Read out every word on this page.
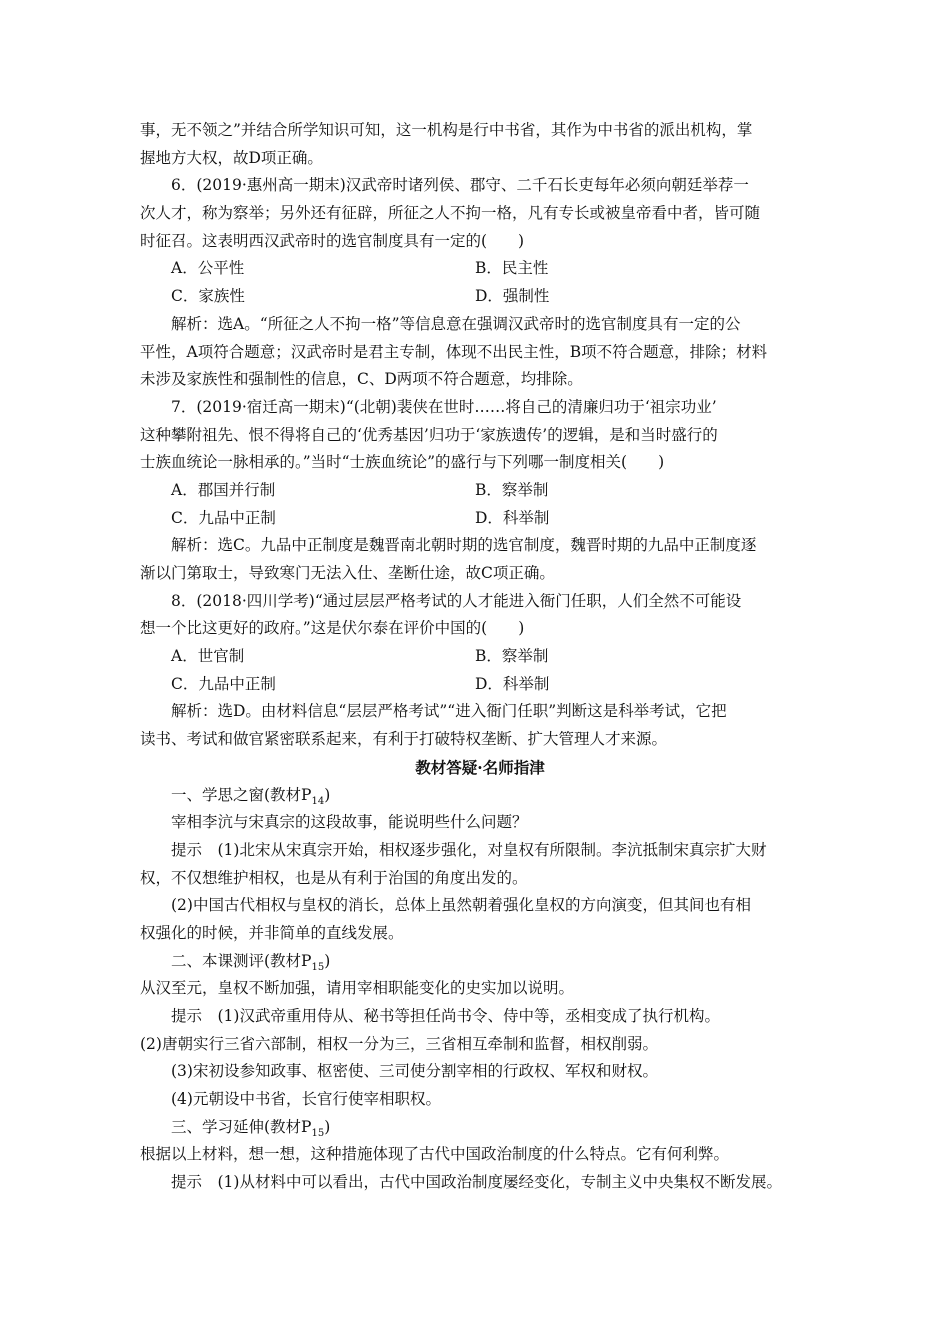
事，无不领之”并结合所学知识可知，这一机构是行中书省，其作为中书省的派出机构，掌
握地方大权，故D项正确。
6．(2019·惠州高一期末)汉武帝时诸列侯、郡守、二千石长吏每年必须向朝廷举荐一
次人才，称为察举；另外还有征辟，所征之人不拘一格，凡有专长或被皇帝看中者，皆可随
时征召。这表明西汉武帝时的选官制度具有一定的(　　)
A．公平性	B．民主性
C．家族性	D．强制性
解析：选A。“所征之人不拘一格”等信息意在强调汉武帝时的选官制度具有一定的公
平性，A项符合题意；汉武帝时是君主专制，体现不出民主性，B项不符合题意，排除；材料
未涉及家族性和强制性的信息，C、D两项不符合题意，均排除。
7．(2019·宿迁高一期末)“(北朝)裴侠在世时……将自己的清廉归功于‘祖宗功业’
这种攀附祖先、恨不得将自己的‘优秀基因’归功于‘家族遗传’的逻辑，是和当时盛行的
士族血统论一脉相承的。”当时“士族血统论”的盛行与下列哪一制度相关(　　)
A．郡国并行制	B．察举制
C．九品中正制	D．科举制
解析：选C。九品中正制度是魏晋南北朝时期的选官制度，魏晋时期的九品中正制度逐
渐以门第取士，导致寒门无法入仕、垄断仕途，故C项正确。
8．(2018·四川学考)“通过层层严格考试的人才能进入衙门任职，人们全然不可能设
想一个比这更好的政府。”这是伏尔泰在评价中国的(　　)
A．世官制	B．察举制
C．九品中正制	D．科举制
解析：选D。由材料信息“层层严格考试”“进入衙门任职”判断这是科举考试，它把
读书、考试和做官紧密联系起来，有利于打破特权垄断、扩大管理人才来源。
教材答疑·名师指津
一、学思之窗(教材$P_{14}$)
宰相李沆与宋真宗的这段故事，能说明些什么问题？
提示　(1)北宋从宋真宗开始，相权逐步强化，对皇权有所限制。李沆抵制宋真宗扩大财
权，不仅想维护相权，也是从有利于治国的角度出发的。
(2)中国古代相权与皇权的消长，总体上虽然朝着强化皇权的方向演变，但其间也有相
权强化的时候，并非简单的直线发展。
二、本课测评(教材$P_{15}$)
从汉至元，皇权不断加强，请用宰相职能变化的史实加以说明。
提示　(1)汉武帝重用侍从、秘书等担任尚书令、侍中等，丞相变成了执行机构。
(2)唐朝实行三省六部制，相权一分为三，三省相互牵制和监督，相权削弱。
(3)宋初设参知政事、枢密使、三司使分割宰相的行政权、军权和财权。
(4)元朝设中书省，长官行使宰相职权。
三、学习延伸(教材$P_{15}$)
根据以上材料，想一想，这种措施体现了古代中国政治制度的什么特点。它有何利弊。
提示　(1)从材料中可以看出，古代中国政治制度屡经变化，专制主义中央集权不断发展。
